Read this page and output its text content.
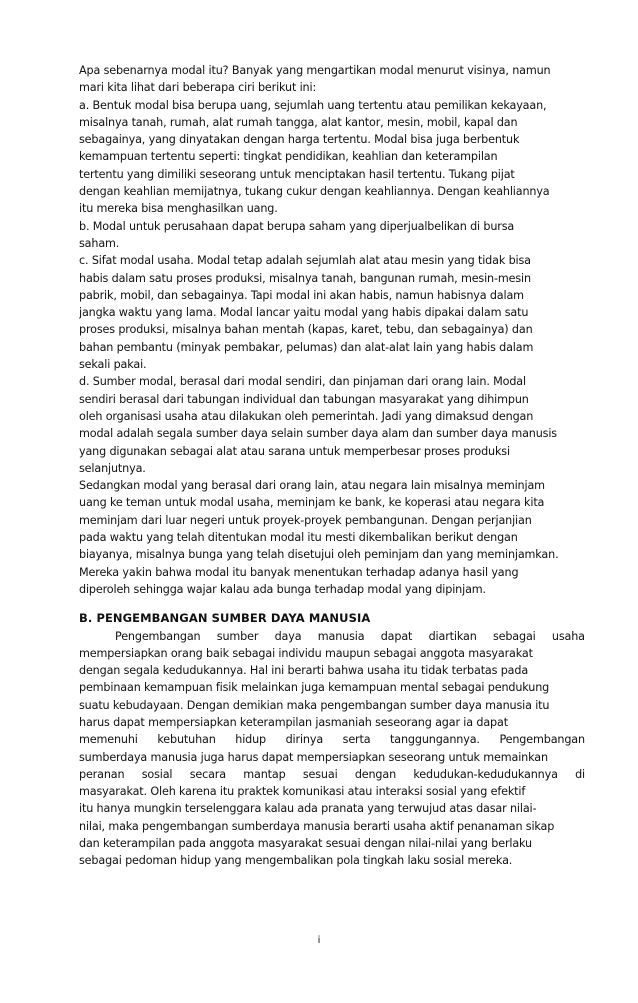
Apa sebenarnya modal itu? Banyak yang mengartikan modal menurut visinya, namun
mari kita lihat dari beberapa ciri berikut ini:
a. Bentuk modal bisa berupa uang, sejumlah uang tertentu atau pemilikan kekayaan,
misalnya tanah, rumah, alat rumah tangga, alat kantor, mesin, mobil, kapal dan
sebagainya, yang dinyatakan dengan harga tertentu. Modal bisa juga berbentuk
kemampuan tertentu seperti: tingkat pendidikan, keahlian dan keterampilan
tertentu yang dimiliki seseorang untuk menciptakan hasil tertentu. Tukang pijat
dengan keahlian memijatnya, tukang cukur dengan keahliannya. Dengan keahliannya
itu mereka bisa menghasilkan uang.
b. Modal untuk perusahaan dapat berupa saham yang diperjualbelikan di bursa
saham.
c. Sifat modal usaha. Modal tetap adalah sejumlah alat atau mesin yang tidak bisa
habis dalam satu proses produksi, misalnya tanah, bangunan rumah, mesin-mesin
pabrik, mobil, dan sebagainya. Tapi modal ini akan habis, namun habisnya dalam
jangka waktu yang lama. Modal lancar yaitu modal yang habis dipakai dalam satu
proses produksi, misalnya bahan mentah (kapas, karet, tebu, dan sebagainya) dan
bahan pembantu (minyak pembakar, pelumas) dan alat-alat lain yang habis dalam
sekali pakai.
d. Sumber modal, berasal dari modal sendiri, dan pinjaman dari orang lain. Modal
sendiri berasal dari tabungan individual dan tabungan masyarakat yang dihimpun
oleh organisasi usaha atau dilakukan oleh pemerintah. Jadi yang dimaksud dengan
modal adalah segala sumber daya selain sumber daya alam dan sumber daya manusis
yang digunakan sebagai alat atau sarana untuk memperbesar proses produksi
selanjutnya.
Sedangkan modal yang berasal dari orang lain, atau negara lain misalnya meminjam
uang ke teman untuk modal usaha, meminjam ke bank, ke koperasi atau negara kita
meminjam dari luar negeri untuk proyek-proyek pembangunan. Dengan perjanjian
pada waktu yang telah ditentukan modal itu mesti dikembalikan berikut dengan
biayanya, misalnya bunga yang telah disetujui oleh peminjam dan yang meminjamkan.
Mereka yakin bahwa modal itu banyak menentukan terhadap adanya hasil yang
diperoleh sehingga wajar kalau ada bunga terhadap modal yang dipinjam.
B. PENGEMBANGAN SUMBER DAYA MANUSIA
Pengembangan sumber daya manusia dapat diartikan sebagai usaha
mempersiapkan orang baik sebagai individu maupun sebagai anggota masyarakat
dengan segala kedudukannya. Hal ini berarti bahwa usaha itu tidak terbatas pada
pembinaan kemampuan fisik melainkan juga kemampuan mental sebagai pendukung
suatu kebudayaan. Dengan demikian maka pengembangan sumber daya manusia itu
harus dapat mempersiapkan keterampilan jasmaniah seseorang agar ia dapat
memenuhi kebutuhan hidup dirinya serta tanggungannya. Pengembangan
sumberdaya manusia juga harus dapat mempersiapkan seseorang untuk memainkan
peranan sosial secara mantap sesuai dengan kedudukan-kedudukannya di
masyarakat. Oleh karena itu praktek komunikasi atau interaksi sosial yang efektif
itu hanya mungkin terselenggara kalau ada pranata yang terwujud atas dasar nilai-
nilai, maka pengembangan sumberdaya manusia berarti usaha aktif penanaman sikap
dan keterampilan pada anggota masyarakat sesuai dengan nilai-nilai yang berlaku
sebagai pedoman hidup yang mengembalikan pola tingkah laku sosial mereka.
i
